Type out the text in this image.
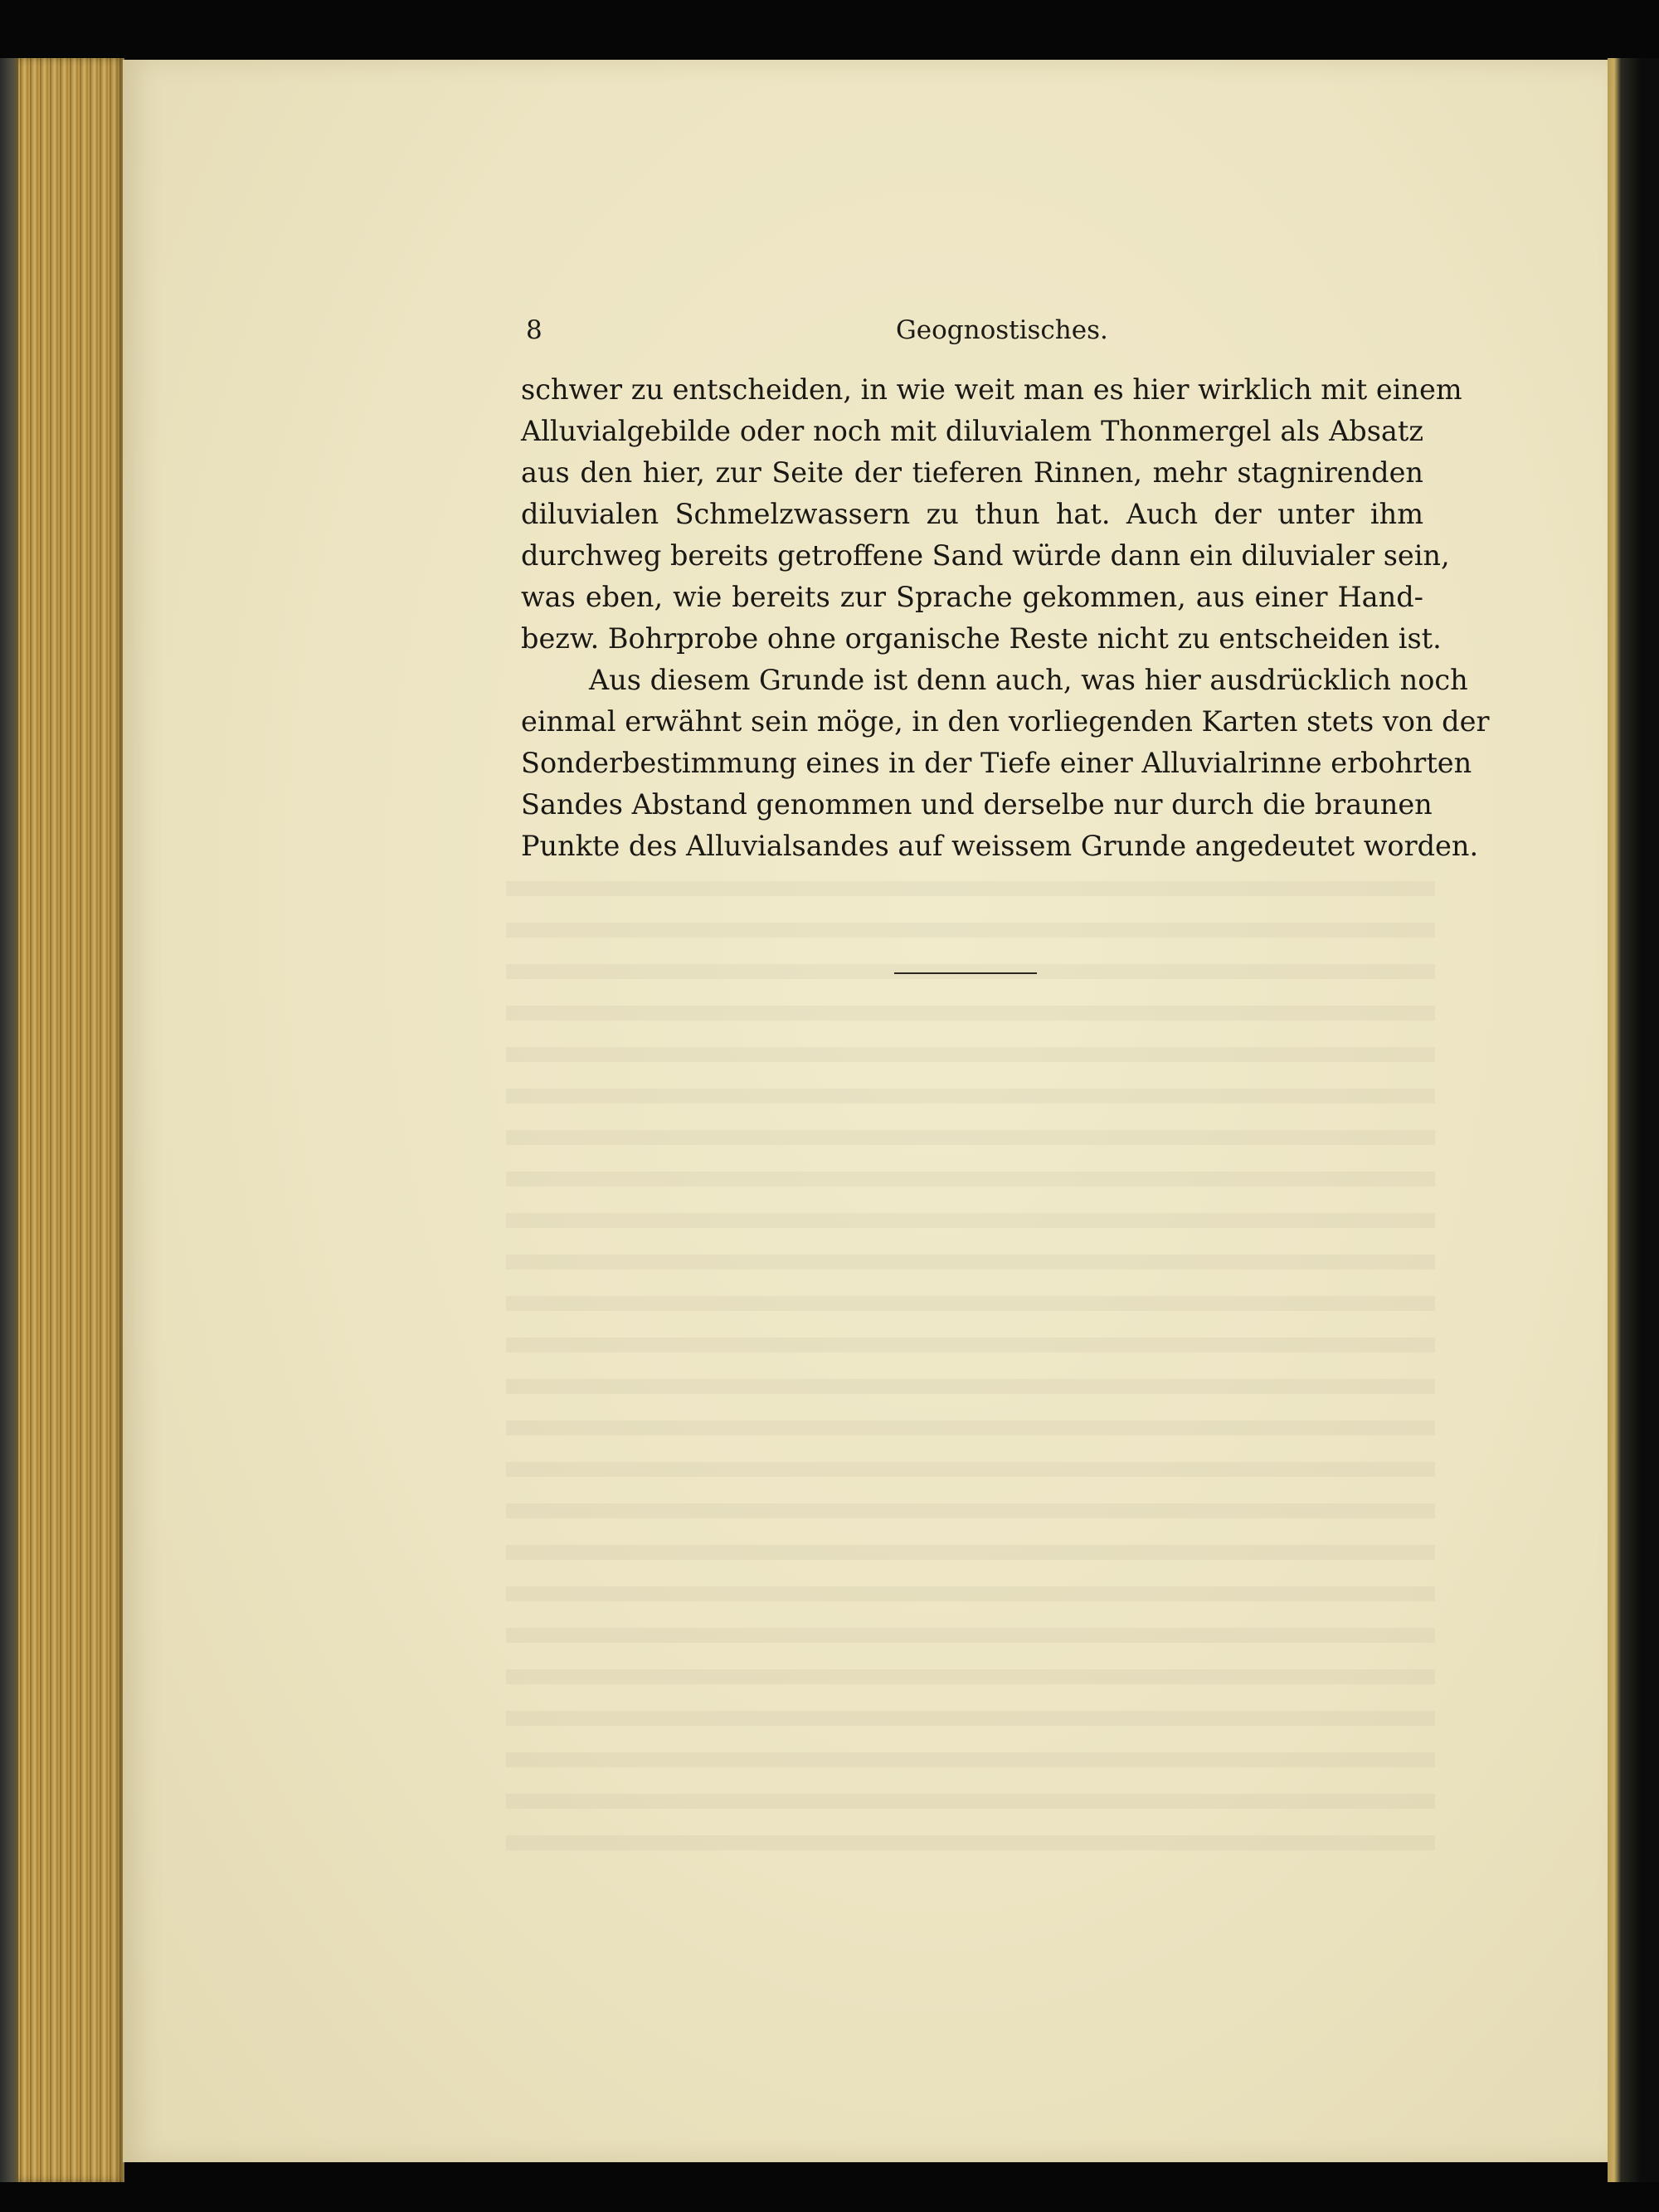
8	Geognostisches.
schwer zu entscheiden, in wie weit man es hier wirklich mit einem
Alluvialgebilde oder noch mit diluvialem Thonmergel als Absatz
aus den hier, zur Seite der tieferen Rinnen, mehr stagnirenden
diluvialen Schmelzwassern zu thun hat. Auch der unter ihm
durchweg bereits getroffene Sand würde dann ein diluvialer sein,
was eben, wie bereits zur Sprache gekommen, aus einer Hand-
bezw. Bohrprobe ohne organische Reste nicht zu entscheiden ist.
Aus diesem Grunde ist denn auch, was hier ausdrücklich noch
einmal erwähnt sein möge, in den vorliegenden Karten stets von der
Sonderbestimmung eines in der Tiefe einer Alluvialrinne erbohrten
Sandes Abstand genommen und derselbe nur durch die braunen
Punkte des Alluvialsandes auf weissem Grunde angedeutet worden.
